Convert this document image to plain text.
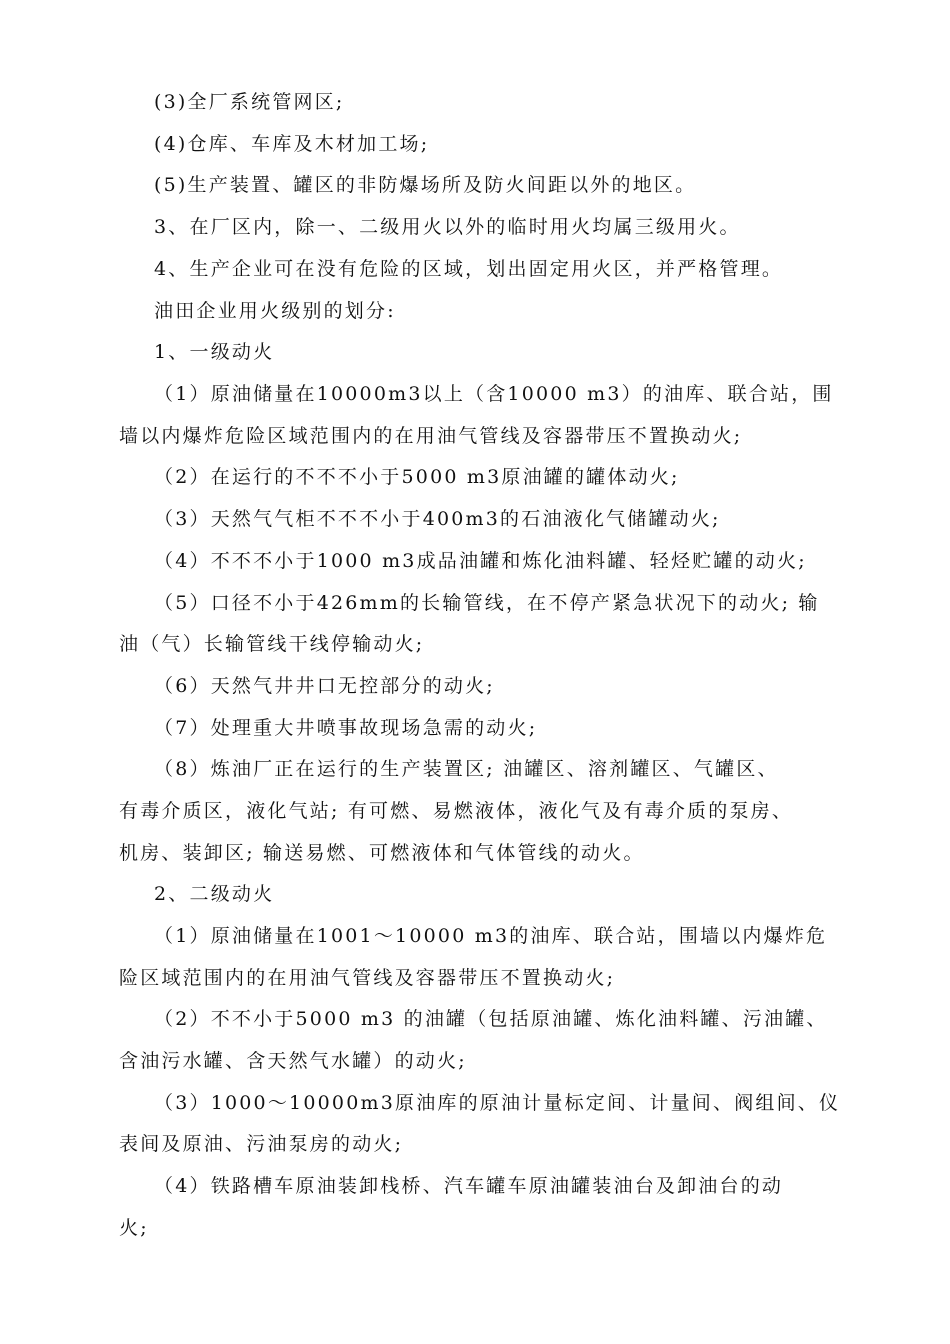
(3)全厂系统管网区;
(4)仓库、车库及木材加工场;
(5)生产装置、罐区的非防爆场所及防火间距以外的地区。
3、在厂区内，除一、二级用火以外的临时用火均属三级用火。
4、生产企业可在没有危险的区域，划出固定用火区，并严格管理。
油田企业用火级别的划分:
1、一级动火
（1）原油储量在10000m3以上（含10000 m3）的油库、联合站，围
墙以内爆炸危险区域范围内的在用油气管线及容器带压不置换动火;
（2）在运行的不不不小于5000 m3原油罐的罐体动火;
（3）天然气气柜不不不小于400m3的石油液化气储罐动火;
（4）不不不小于1000 m3成品油罐和炼化油料罐、轻烃贮罐的动火;
（5）口径不小于426mm的长输管线，在不停产紧急状况下的动火; 输
油（气）长输管线干线停输动火;
（6）天然气井井口无控部分的动火;
（7）处理重大井喷事故现场急需的动火;
（8）炼油厂正在运行的生产装置区; 油罐区、溶剂罐区、气罐区、
有毒介质区，液化气站; 有可燃、易燃液体，液化气及有毒介质的泵房、
机房、装卸区; 输送易燃、可燃液体和气体管线的动火。
2、二级动火
（1）原油储量在1001～10000 m3的油库、联合站，围墙以内爆炸危
险区域范围内的在用油气管线及容器带压不置换动火;
（2）不不小于5000 m3 的油罐（包括原油罐、炼化油料罐、污油罐、
含油污水罐、含天然气水罐）的动火;
（3）1000～10000m3原油库的原油计量标定间、计量间、阀组间、仪
表间及原油、污油泵房的动火;
（4）铁路槽车原油装卸栈桥、汽车罐车原油罐装油台及卸油台的动
火;
